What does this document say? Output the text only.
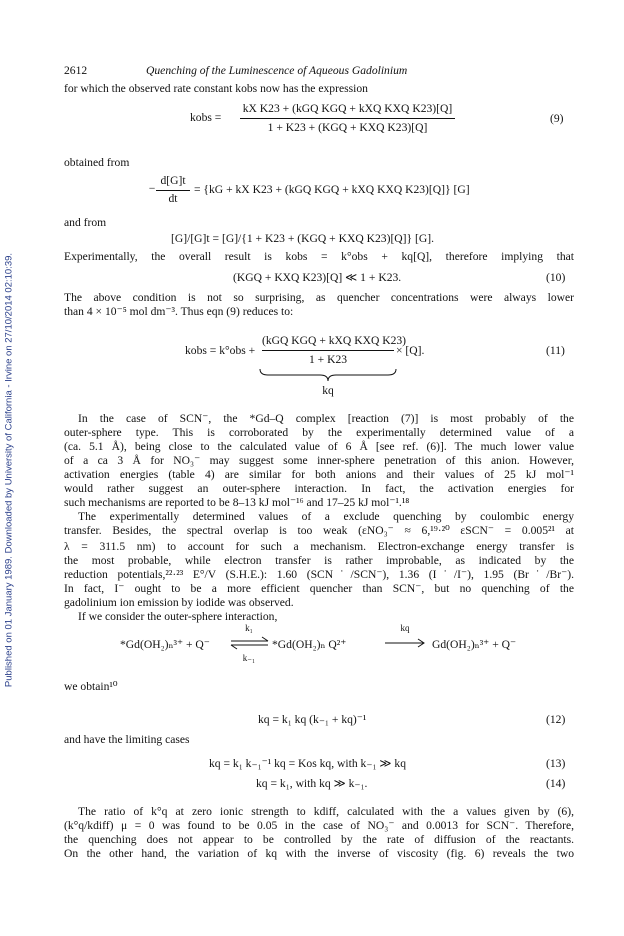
Published on 01 January 1989. Downloaded by University of California - Irvine on 27/10/2014 02:10:39.
2612	Quenching of the Luminescence of Aqueous Gadolinium
for which the observed rate constant kobs now has the expression
kobs =
kX K23 + (kGQ KGQ + kXQ KXQ K23)[Q]
1 + K23 + (KGQ + KXQ K23)[Q]
(9)
obtained from
−
d[G]t
dt
= {kG + kX K23 + (kGQ KGQ + kXQ KXQ K23)[Q]} [G]
and from
[G]/[G]t = [G]/{1 + K23 + (KGQ + KXQ K23)[Q]} [G].
Experimentally, the overall result is kobs = k°obs + kq[Q], therefore implying that
(KGQ + KXQ K23)[Q] ≪ 1 + K23.	(10)
The above condition is not so surprising, as quencher concentrations were always lower
than 4 × 10⁻⁵ mol dm⁻³. Thus eqn (9) reduces to:
kobs = k°obs +
(kGQ KGQ + kXQ KXQ K23)
1 + K23
× [Q].	(11)
kq
In the case of SCN⁻, the *Gd–Q complex [reaction (7)] is most probably of the
outer-sphere type. This is corroborated by the experimentally determined value of a
(ca. 5.1 Å), being close to the calculated value of 6 Å [see ref. (6)]. The much lower value
of a ca 3 Å for NO₃⁻ may suggest some inner-sphere penetration of this anion. However,
activation energies (table 4) are similar for both anions and their values of 25 kJ mol⁻¹
would rather suggest an outer-sphere interaction. In fact, the activation energies for
such mechanisms are reported to be 8–13 kJ mol⁻¹⁶ and 17–25 kJ mol⁻¹.¹⁸
The experimentally determined values of a exclude quenching by coulombic energy
transfer. Besides, the spectral overlap is too weak (εNO₃⁻ ≈ 6,¹⁹·²⁰ εSCN⁻ = 0.005²¹ at
λ = 311.5 nm) to account for such a mechanism. Electron-exchange energy transfer is
the most probable, while electron transfer is rather improbable, as indicated by the
reduction potentials,²²·²³ E°/V (S.H.E.): 1.60 (SCN˙/SCN⁻), 1.36 (I˙/I⁻), 1.95 (Br˙/Br⁻).
In fact, I⁻ ought to be a more efficient quencher than SCN⁻, but no quenching of the
gadolinium ion emission by iodide was observed.
If we consider the outer-sphere interaction,
*Gd(OH₂)ₙ³⁺ + Q⁻
k₁
k₋₁
*Gd(OH₂)ₙ Q²⁺
kq
Gd(OH₂)ₙ³⁺ + Q⁻
we obtain¹⁰
kq = k₁ kq (k₋₁ + kq)⁻¹	(12)
and have the limiting cases
kq = k₁ k₋₁⁻¹ kq = Kos kq, with k₋₁ ≫ kq	(13)
kq = k₁, with kq ≫ k₋₁.	(14)
The ratio of k°q at zero ionic strength to kdiff, calculated with the a values given by (6),
(k°q/kdiff) μ = 0 was found to be 0.05 in the case of NO₃⁻ and 0.0013 for SCN⁻. Therefore,
the quenching does not appear to be controlled by the rate of diffusion of the reactants.
On the other hand, the variation of kq with the inverse of viscosity (fig. 6) reveals the two
